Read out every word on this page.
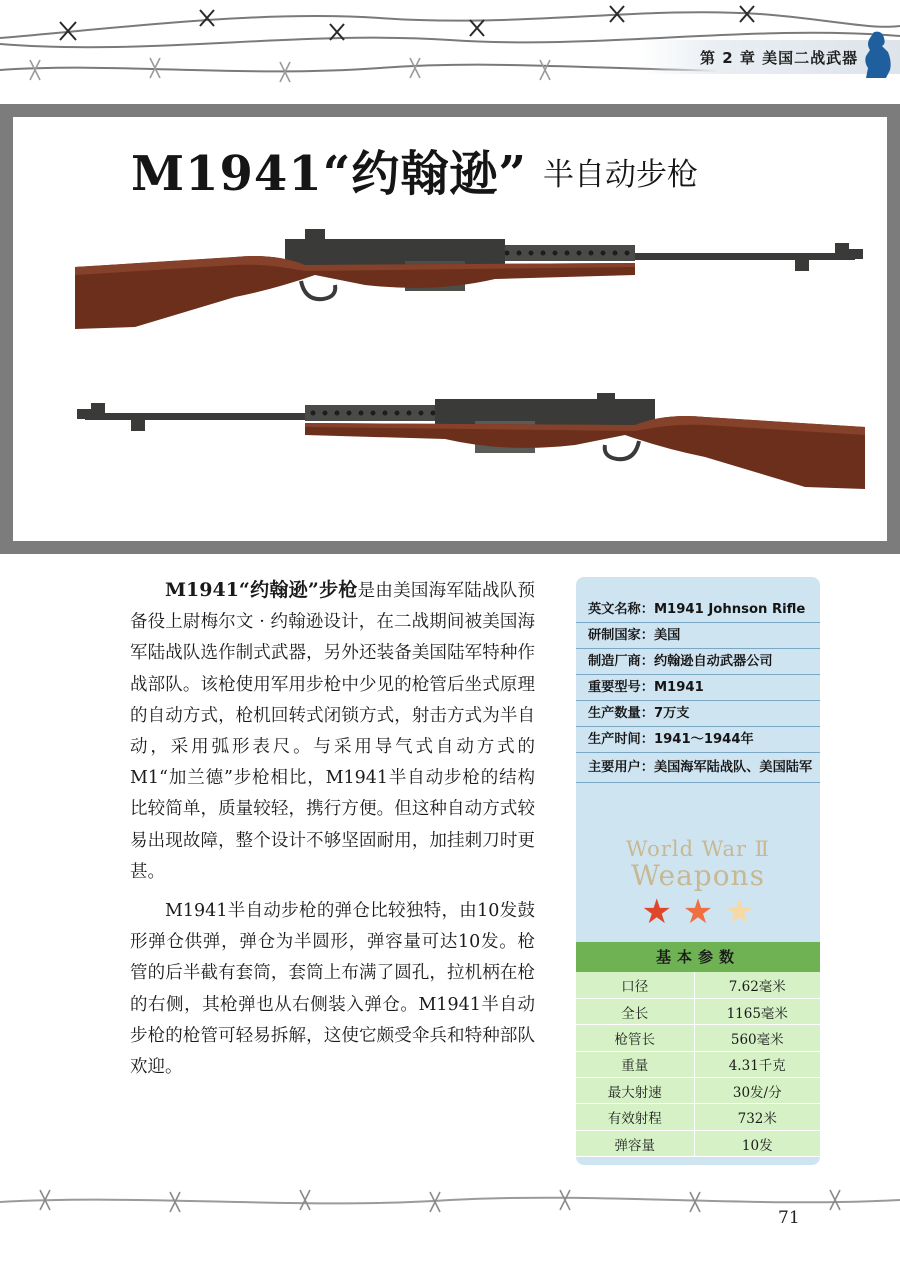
第 2 章 美国二战武器
M1941“约翰逊” 半自动步枪

M1941“约翰逊”步枪是由美国海军陆战队预备役上尉梅尔文 · 约翰逊设计，在二战期间被美国海军陆战队选作制式武器，另外还装备美国陆军特种作战部队。该枪使用军用步枪中少见的枪管后坐式原理的自动方式，枪机回转式闭锁方式，射击方式为半自动，采用弧形表尺。与采用导气式自动方式的M1“加兰德”步枪相比，M1941半自动步枪的结构比较简单，质量较轻，携行方便。但这种自动方式较易出现故障，整个设计不够坚固耐用，加挂刺刀时更甚。

M1941半自动步枪的弹仓比较独特，由10发鼓形弹仓供弹，弹仓为半圆形，弹容量可达10发。枪管的后半截有套筒，套筒上布满了圆孔，拉机柄在枪的右侧，其枪弹也从右侧装入弹仓。M1941半自动步枪的枪管可轻易拆解，这使它颇受伞兵和特种部队欢迎。

英文名称：M1941 Johnson Rifle
研制国家：美国
制造厂商：约翰逊自动武器公司
重要型号：M1941
生产数量：7万支
生产时间：1941～1944年
主要用户：美国海军陆战队、美国陆军
World War Ⅱ
Weapons
★ ★ ★
基本参数
口径	7.62毫米
全长	1165毫米
枪管长	560毫米
重量	4.31千克
最大射速	30发/分
有效射程	732米
弹容量	10发
71
